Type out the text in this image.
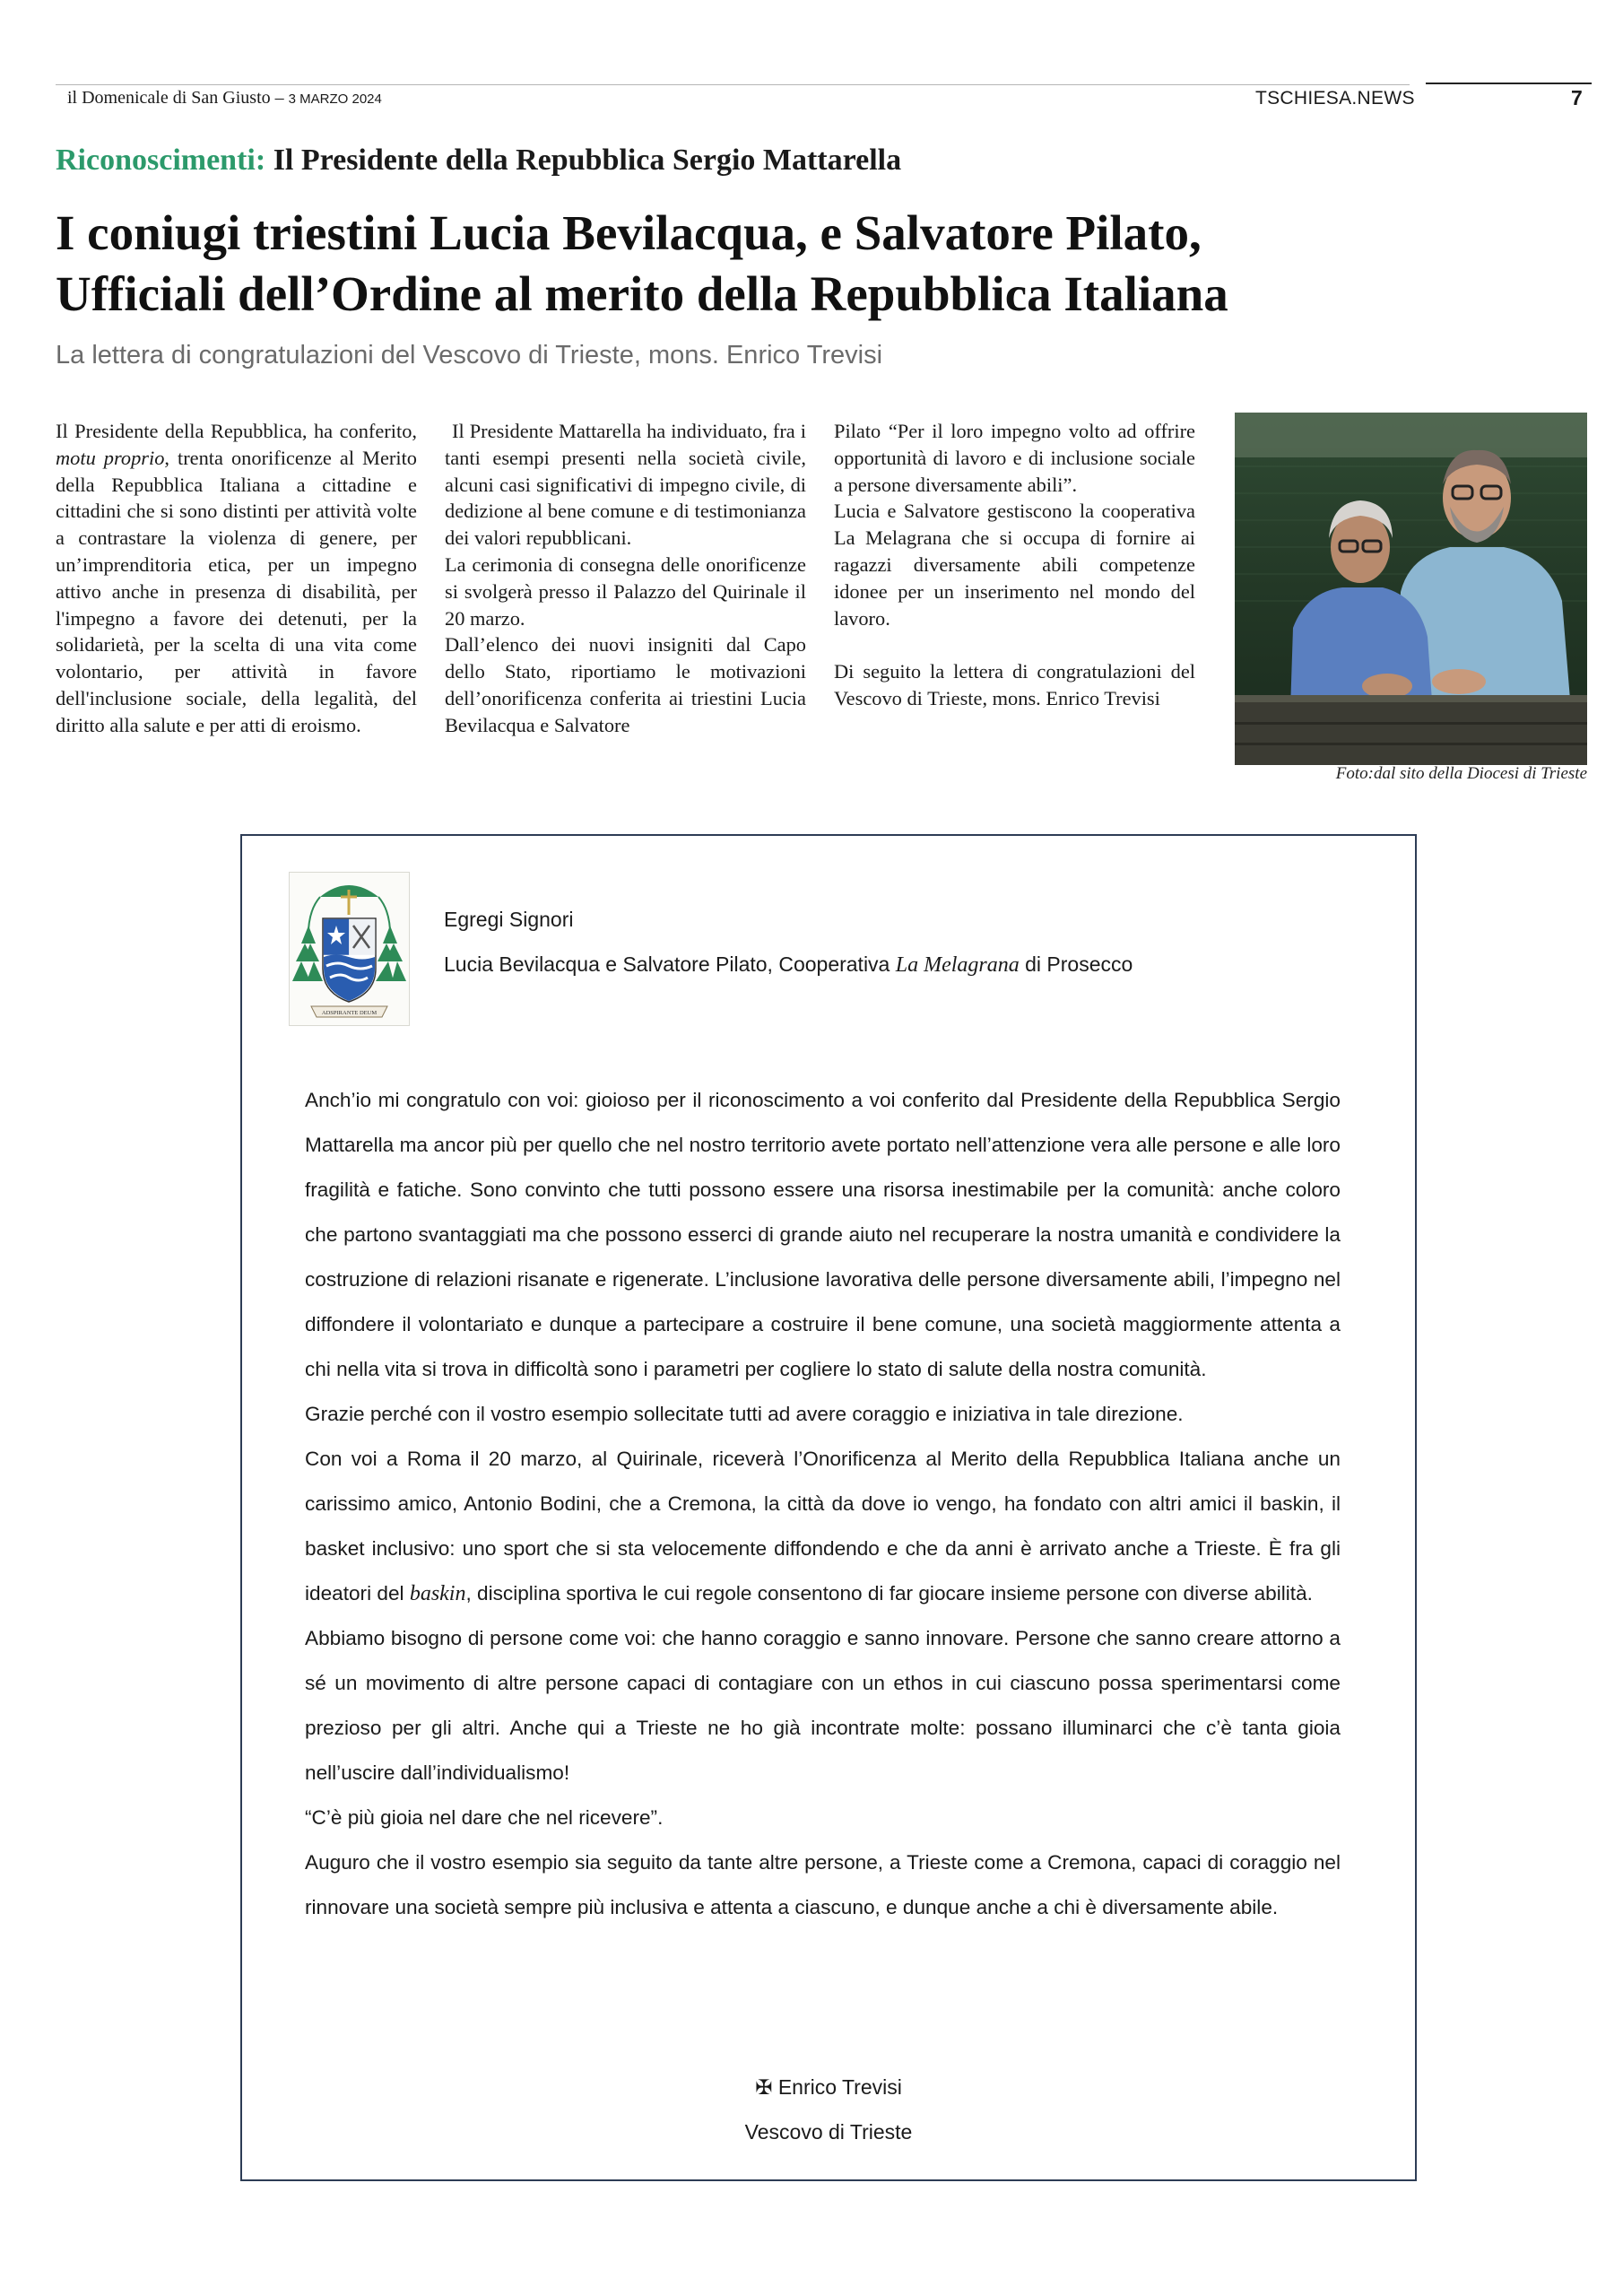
il Domenicale di San Giusto – 3 MARZO 2024	TSCHIESA.NEWS	7
Riconoscimenti: Il Presidente della Repubblica Sergio Mattarella
I coniugi triestini Lucia Bevilacqua, e Salvatore Pilato,
Ufficiali dell’Ordine al merito della Repubblica Italiana
La lettera di congratulazioni del Vescovo di Trieste, mons. Enrico Trevisi

Il Presidente della Repubblica, ha conferito, motu proprio, trenta onorificenze al Merito della Repubblica Italiana a cittadine e cittadini che si sono distinti per attività volte a contrastare la violenza di genere, per un’imprenditoria etica, per un impegno attivo anche in presenza di disabilità, per l'impegno a favore dei detenuti, per la solidarietà, per la scelta di una vita come volontario, per attività in favore dell'inclusione sociale, della legalità, del diritto alla salute e per atti di eroismo.

Il Presidente Mattarella ha individuato, fra i tanti esempi presenti nella società civile, alcuni casi significativi di impegno civile, di dedizione al bene comune e di testimonianza dei valori repubblicani.

La cerimonia di consegna delle onorificenze si svolgerà presso il Palazzo del Quirinale il 20 marzo.

Dall’elenco dei nuovi insigniti dal Capo dello Stato, riportiamo le motivazioni dell’onorificenza conferita ai triestini Lucia Bevilacqua e Salvatore

Pilato “Per il loro impegno volto ad offrire opportunità di lavoro e di inclusione sociale a persone diversamente abili”.

Lucia e Salvatore gestiscono la cooperativa La Melagrana che si occupa di fornire ai ragazzi diversamente abili competenze idonee per un inserimento nel mondo del lavoro.

Di seguito la lettera di congratulazioni del Vescovo di Trieste, mons. Enrico Trevisi

Foto:dal sito della Diocesi di Trieste
ADSPIRANTE DEUM
Egregi Signori
Lucia Bevilacqua e Salvatore Pilato, Cooperativa La Melagrana di Prosecco

Anch’io mi congratulo con voi: gioioso per il riconoscimento a voi conferito dal Presidente della Repubblica Sergio Mattarella ma ancor più per quello che nel nostro territorio avete portato nell’attenzione vera alle persone e alle loro fragilità e fatiche. Sono convinto che tutti possono essere una risorsa inestimabile per la comunità: anche coloro che partono svantaggiati ma che possono esserci di grande aiuto nel recuperare la nostra umanità e condividere la costruzione di relazioni risanate e rigenerate. L’inclusione lavorativa delle persone diversamente abili, l’impegno nel diffondere il volontariato e dunque a partecipare a costruire il bene comune, una società maggiormente attenta a chi nella vita si trova in difficoltà sono i parametri per cogliere lo stato di salute della nostra comunità.

Grazie perché con il vostro esempio sollecitate tutti ad avere coraggio e iniziativa in tale direzione.

Con voi a Roma il 20 marzo, al Quirinale, riceverà l’Onorificenza al Merito della Repubblica Italiana anche un carissimo amico, Antonio Bodini, che a Cremona, la città da dove io vengo, ha fondato con altri amici il baskin, il basket inclusivo: uno sport che si sta velocemente diffondendo e che da anni è arrivato anche a Trieste. È fra gli ideatori del baskin, disciplina sportiva le cui regole consentono di far giocare insieme persone con diverse abilità.

Abbiamo bisogno di persone come voi: che hanno coraggio e sanno innovare. Persone che sanno creare attorno a sé un movimento di altre persone capaci di contagiare con un ethos in cui ciascuno possa sperimentarsi come prezioso per gli altri. Anche qui a Trieste ne ho già incontrate molte: possano illuminarci che c’è tanta gioia nell’uscire dall’individualismo!

“C’è più gioia nel dare che nel ricevere”.

Auguro che il vostro esempio sia seguito da tante altre persone, a Trieste come a Cremona, capaci di coraggio nel rinnovare una società sempre più inclusiva e attenta a ciascuno, e dunque anche a chi è diversamente abile.

✠ Enrico Trevisi
Vescovo di Trieste
